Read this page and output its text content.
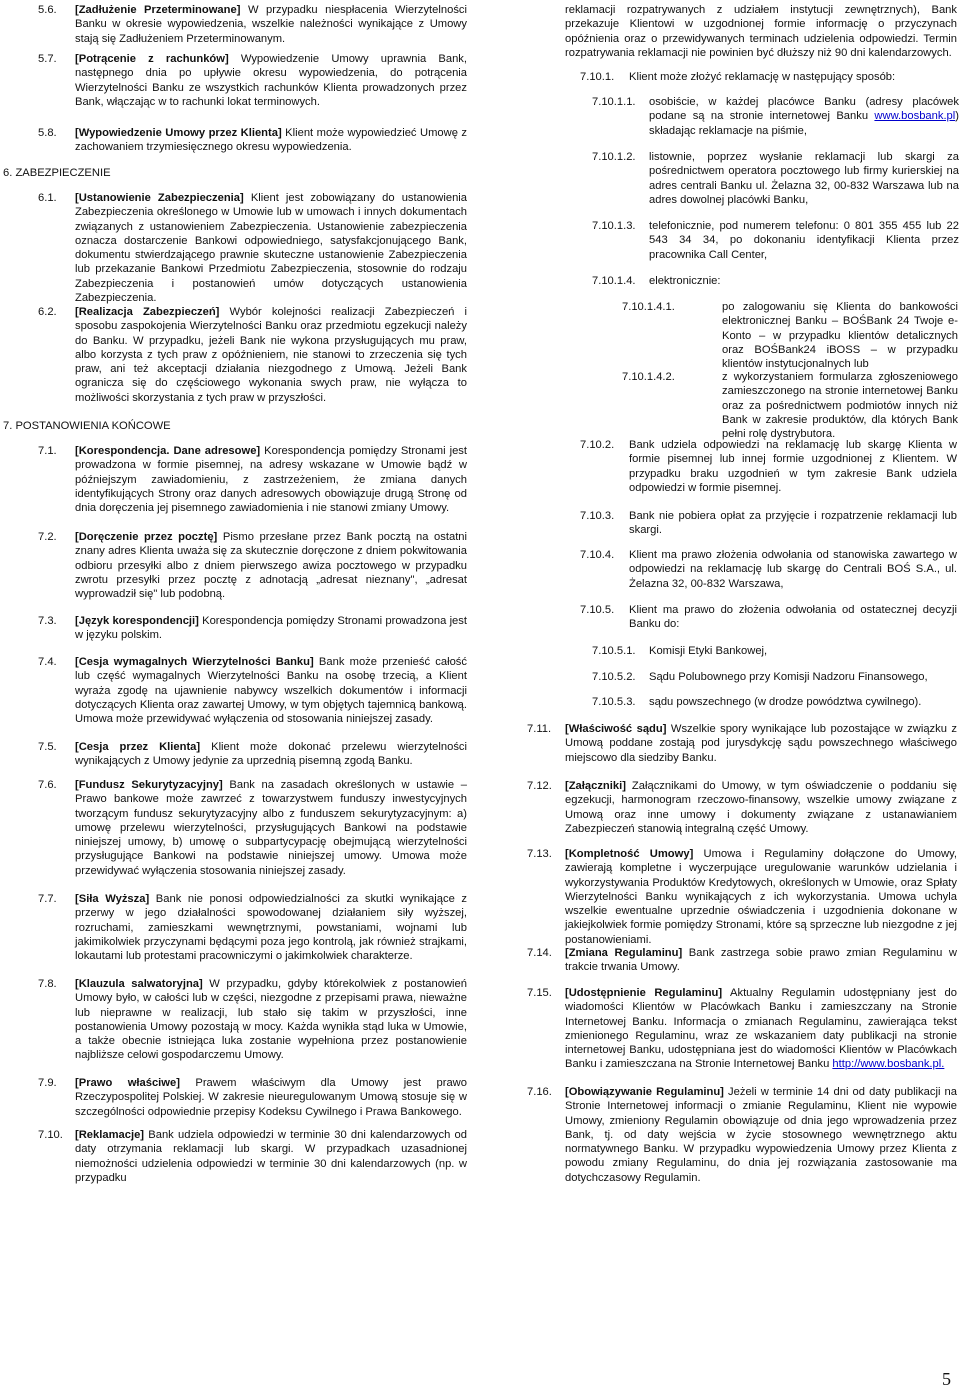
5.6. [Zadłużenie Przeterminowane] W przypadku niespłacenia Wierzytelności Banku w okresie wypowiedzenia, wszelkie należności wynikające z Umowy stają się Zadłużeniem Przeterminowanym.
5.7. [Potrącenie z rachunków] Wypowiedzenie Umowy uprawnia Bank, następnego dnia po upływie okresu wypowiedzenia, do potrącenia Wierzytelności Banku ze wszystkich rachunków Klienta prowadzonych przez Bank, włączając w to rachunki lokat terminowych.
5.8. [Wypowiedzenie Umowy przez Klienta] Klient może wypowiedzieć Umowę z zachowaniem trzymiesięcznego okresu wypowiedzenia.
6. ZABEZPIECZENIE
6.1. [Ustanowienie Zabezpieczenia] Klient jest zobowiązany do ustanowienia Zabezpieczenia określonego w Umowie lub w umowach i innych dokumentach związanych z ustanowieniem Zabezpieczenia. Ustanowienie zabezpieczenia oznacza dostarczenie Bankowi odpowiedniego, satysfakcjonującego Bank, dokumentu stwierdzającego prawnie skuteczne ustanowienie Zabezpieczenia lub przekazanie Bankowi Przedmiotu Zabezpieczenia, stosownie do rodzaju Zabezpieczenia i postanowień umów dotyczących ustanowienia Zabezpieczenia.
6.2. [Realizacja Zabezpieczeń] Wybór kolejności realizacji Zabezpieczeń i sposobu zaspokojenia Wierzytelności Banku oraz przedmiotu egzekucji należy do Banku. W przypadku, jeżeli Bank nie wykona przysługujących mu praw, albo korzysta z tych praw z opóźnieniem, nie stanowi to zrzeczenia się tych praw, ani też akceptacji działania niezgodnego z Umową. Jeżeli Bank ogranicza się do częściowego wykonania swych praw, nie wyłącza to możliwości skorzystania z tych praw w przyszłości.
7. POSTANOWIENIA KOŃCOWE
7.1. [Korespondencja. Dane adresowe] Korespondencja pomiędzy Stronami jest prowadzona w formie pisemnej, na adresy wskazane w Umowie bądź w późniejszym zawiadomieniu, z zastrzeżeniem, że zmiana danych identyfikujących Strony oraz danych adresowych obowiązuje drugą Stronę od dnia doręczenia jej pisemnego zawiadomienia i nie stanowi zmiany Umowy.
7.2. [Doręczenie przez pocztę] Pismo przesłane przez Bank pocztą na ostatni znany adres Klienta uważa się za skutecznie doręczone z dniem pokwitowania odbioru przesyłki albo z dniem pierwszego awiza pocztowego w przypadku zwrotu przesyłki przez pocztę z adnotacją „adresat nieznany", „adresat wyprowadził się" lub podobną.
7.3. [Język korespondencji] Korespondencja pomiędzy Stronami prowadzona jest w języku polskim.
7.4. [Cesja wymagalnych Wierzytelności Banku] Bank może przenieść całość lub część wymagalnych Wierzytelności Banku na osobę trzecią, a Klient wyraża zgodę na ujawnienie nabywcy wszelkich dokumentów i informacji dotyczących Klienta oraz zawartej Umowy, w tym objętych tajemnicą bankową. Umowa może przewidywać wyłączenia od stosowania niniejszej zasady.
7.5. [Cesja przez Klienta] Klient może dokonać przelewu wierzytelności wynikających z Umowy jedynie za uprzednią pisemną zgodą Banku.
7.6. [Fundusz Sekurytyzacyjny] Bank na zasadach określonych w ustawie – Prawo bankowe może zawrzeć z towarzystwem funduszy inwestycyjnych tworzącym fundusz sekurytyzacyjny albo z funduszem sekurytyzacyjnym: a) umowę przelewu wierzytelności, przysługujących Bankowi na podstawie niniejszej umowy, b) umowę o subpartycypację obejmującą wierzytelności przysługujące Bankowi na podstawie niniejszej umowy. Umowa może przewidywać wyłączenia stosowania niniejszej zasady.
7.7. [Siła Wyższa] Bank nie ponosi odpowiedzialności za skutki wynikające z przerwy w jego działalności spowodowanej działaniem siły wyższej, rozruchami, zamieszkami wewnętrznymi, powstaniami, wojnami lub jakimikolwiek przyczynami będącymi poza jego kontrolą, jak również strajkami, lokautami lub protestami pracowniczymi o jakimkolwiek charakterze.
7.8. [Klauzula salwatoryjna] W przypadku, gdyby którekolwiek z postanowień Umowy było, w całości lub w części, niezgodne z przepisami prawa, nieważne lub nieprawne w realizacji, lub stało się takim w przyszłości, inne postanowienia Umowy pozostają w mocy. Każda wynikła stąd luka w Umowie, a także obecnie istniejąca luka zostanie wypełniona przez postanowienie najbliższe celowi gospodarczemu Umowy.
7.9. [Prawo właściwe] Prawem właściwym dla Umowy jest prawo Rzeczypospolitej Polskiej. W zakresie nieuregulowanym Umową stosuje się w szczególności odpowiednie przepisy Kodeksu Cywilnego i Prawa Bankowego.
7.10. [Reklamacje] Bank udziela odpowiedzi w terminie 30 dni kalendarzowych od daty otrzymania reklamacji lub skargi. W przypadkach uzasadnionej niemożności udzielenia odpowiedzi w terminie 30 dni kalendarzowych (np. w przypadku
reklamacji rozpatrywanych z udziałem instytucji zewnętrznych), Bank przekazuje Klientowi w uzgodnionej formie informację o przyczynach opóźnienia oraz o przewidywanych terminach udzielenia odpowiedzi. Termin rozpatrywania reklamacji nie powinien być dłuższy niż 90 dni kalendarzowych.
7.10.1. Klient może złożyć reklamację w następujący sposób:
7.10.1.1. osobiście, w każdej placówce Banku (adresy placówek podane są na stronie internetowej Banku www.bosbank.pl) składając reklamacje na piśmie,
7.10.1.2. listownie, poprzez wysłanie reklamacji lub skargi za pośrednictwem operatora pocztowego lub firmy kurierskiej na adres centrali Banku ul. Żelazna 32, 00-832 Warszawa lub na adres dowolnej placówki Banku,
7.10.1.3. telefonicznie, pod numerem telefonu: 0 801 355 455 lub 22 543 34 34, po dokonaniu identyfikacji Klienta przez pracownika Call Center,
7.10.1.4. elektronicznie:
7.10.1.4.1.	po zalogowaniu się Klienta do bankowości elektronicznej Banku – BOŚBank 24 Twoje e-Konto – w przypadku klientów detalicznych oraz BOŚBank24 iBOSS – w przypadku klientów instytucjonalnych lub
7.10.1.4.2.	z wykorzystaniem formularza zgłoszeniowego zamieszczonego na stronie internetowej Banku oraz za pośrednictwem podmiotów innych niż Bank w zakresie produktów, dla których Bank pełni rolę dystrybutora.
7.10.2. Bank udziela odpowiedzi na reklamację lub skargę Klienta w formie pisemnej lub innej formie uzgodnionej z Klientem. W przypadku braku uzgodnień w tym zakresie Bank udziela odpowiedzi w formie pisemnej.
7.10.3. Bank nie pobiera opłat za przyjęcie i rozpatrzenie reklamacji lub skargi.
7.10.4. Klient ma prawo złożenia odwołania od stanowiska zawartego w odpowiedzi na reklamację lub skargę do Centrali BOŚ S.A., ul. Żelazna 32, 00-832 Warszawa,
7.10.5. Klient ma prawo do złożenia odwołania od ostatecznej decyzji Banku do:
7.10.5.1. Komisji Etyki Bankowej,
7.10.5.2. Sądu Polubownego przy Komisji Nadzoru Finansowego,
7.10.5.3. sądu powszechnego (w drodze powództwa cywilnego).
7.11. [Właściwość sądu] Wszelkie spory wynikające lub pozostające w związku z Umową poddane zostają pod jurysdykcję sądu powszechnego właściwego miejscowo dla siedziby Banku.
7.12. [Załączniki] Załącznikami do Umowy, w tym oświadczenie o poddaniu się egzekucji, harmonogram rzeczowo-finansowy, wszelkie umowy związane z Umową oraz inne umowy i dokumenty związane z ustanawianiem Zabezpieczeń stanowią integralną część Umowy.
7.13. [Kompletność Umowy] Umowa i Regulaminy dołączone do Umowy, zawierają kompletne i wyczerpujące uregulowanie warunków udzielania i wykorzystywania Produktów Kredytowych, określonych w Umowie, oraz Spłaty Wierzytelności Banku wynikających z ich wykorzystania. Umowa uchyla wszelkie ewentualne uprzednie oświadczenia i uzgodnienia dokonane w jakiejkolwiek formie pomiędzy Stronami, które są sprzeczne lub niezgodne z jej postanowieniami.
7.14. [Zmiana Regulaminu] Bank zastrzega sobie prawo zmian Regulaminu w trakcie trwania Umowy.
7.15. [Udostępnienie Regulaminu] Aktualny Regulamin udostępniany jest do wiadomości Klientów w Placówkach Banku i zamieszczany na Stronie Internetowej Banku. Informacja o zmianach Regulaminu, zawierająca tekst zmienionego Regulaminu, wraz ze wskazaniem daty publikacji na stronie internetowej Banku, udostępniana jest do wiadomości Klientów w Placówkach Banku i zamieszczana na Stronie Internetowej Banku http://www.bosbank.pl.
7.16. [Obowiązywanie Regulaminu] Jeżeli w terminie 14 dni od daty publikacji na Stronie Internetowej informacji o zmianie Regulaminu, Klient nie wypowie Umowy, zmieniony Regulamin obowiązuje od dnia jego wprowadzenia przez Bank, tj. od daty wejścia w życie stosownego wewnętrznego aktu normatywnego Banku. W przypadku wypowiedzenia Umowy przez Klienta z powodu zmiany Regulaminu, do dnia jej rozwiązania zastosowanie ma dotychczasowy Regulamin.
5
